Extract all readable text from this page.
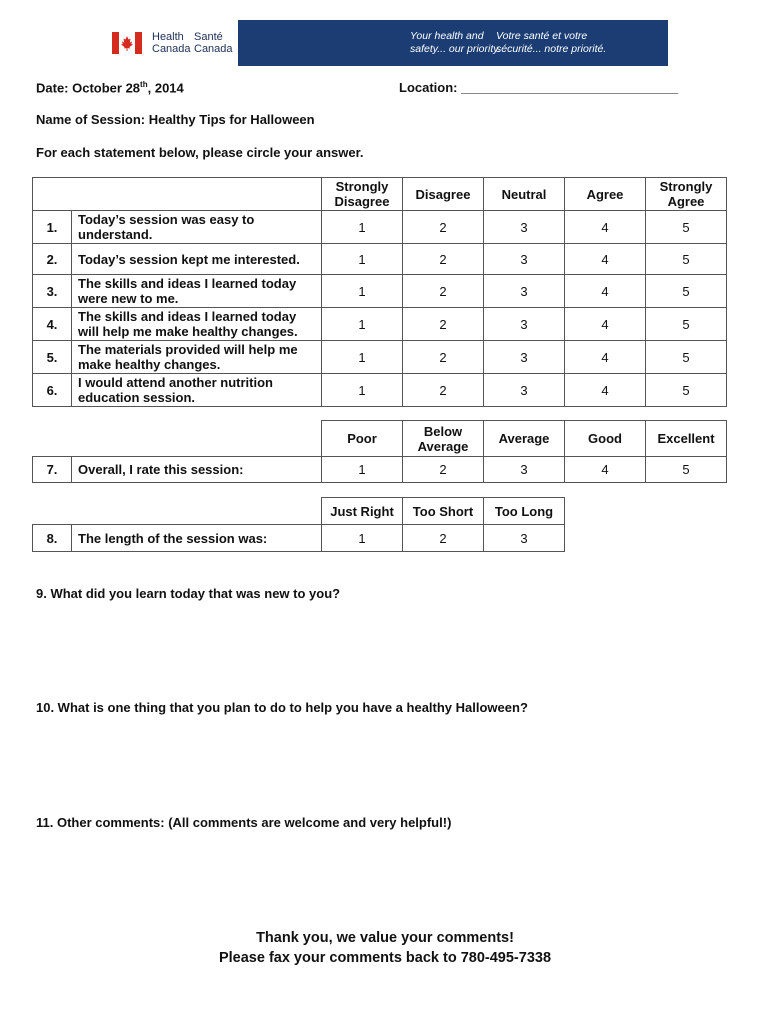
Health
Canada
Santé
Canada
Your health and
safety... our priority.
Votre santé et votre
sécurité... notre priorité.
Date: October 28th, 2014	Location: ______________________________
Name of Session: Healthy Tips for Halloween
For each statement below, please circle your answer.
		Strongly Disagree	Disagree	Neutral	Agree	Strongly Agree
1.	Today’s session was easy to understand.	1	2	3	4	5
2.	Today’s session kept me interested.	1	2	3	4	5
3.	The skills and ideas I learned today were new to me.	1	2	3	4	5
4.	The skills and ideas I learned today will help me make healthy changes.	1	2	3	4	5
5.	The materials provided will help me make healthy changes.	1	2	3	4	5
6.	I would attend another nutrition education session.	1	2	3	4	5
		Poor	Below Average	Average	Good	Excellent
7.	Overall, I rate this session:	1	2	3	4	5
		Just Right	Too Short	Too Long
8.	The length of the session was:	1	2	3
9. What did you learn today that was new to you?
10. What is one thing that you plan to do to help you have a healthy Halloween?
11. Other comments: (All comments are welcome and very helpful!)
Thank you, we value your comments!
Please fax your comments back to 780-495-7338
